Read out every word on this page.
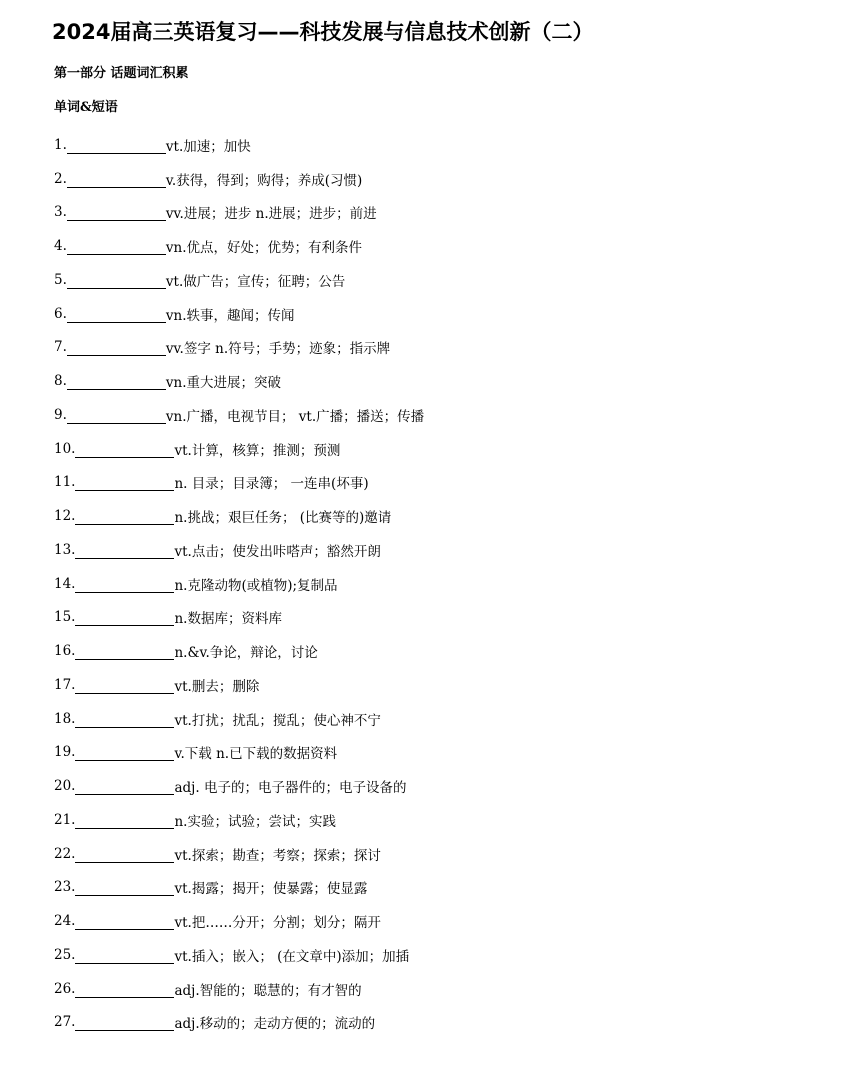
2024届高三英语复习——科技发展与信息技术创新（二）
第一部分 话题词汇积累
单词&短语
1.	vt.加速；加快
2.	v.获得，得到；购得；养成(习惯)
3.	vv.进展；进步 n.进展；进步；前进
4.	vn.优点，好处；优势；有利条件
5.	vt.做广告；宣传；征聘；公告
6.	vn.轶事，趣闻；传闻
7.	vv.签字 n.符号；手势；迹象；指示牌
8.	vn.重大进展；突破
9.	vn.广播，电视节目； vt.广播；播送；传播
10.	vt.计算，核算；推测；预测
11.	n. 目录；目录簿； 一连串(坏事)
12.	n.挑战；艰巨任务； (比赛等的)邀请
13.	vt.点击；使发出咔嗒声；豁然开朗
14.	n.克隆动物(或植物);复制品
15.	n.数据库；资料库
16.	n.&v.争论，辩论，讨论
17.	vt.删去；删除
18.	vt.打扰；扰乱；搅乱；使心神不宁
19.	v.下载 n.已下载的数据资料
20.	adj. 电子的；电子器件的；电子设备的
21.	n.实验；试验；尝试；实践
22.	vt.探索；勘查；考察；探索；探讨
23.	vt.揭露；揭开；使暴露；使显露
24.	vt.把……分开；分割；划分；隔开
25.	vt.插入；嵌入； (在文章中)添加；加插
26.	adj.智能的；聪慧的；有才智的
27.	adj.移动的；走动方便的；流动的
